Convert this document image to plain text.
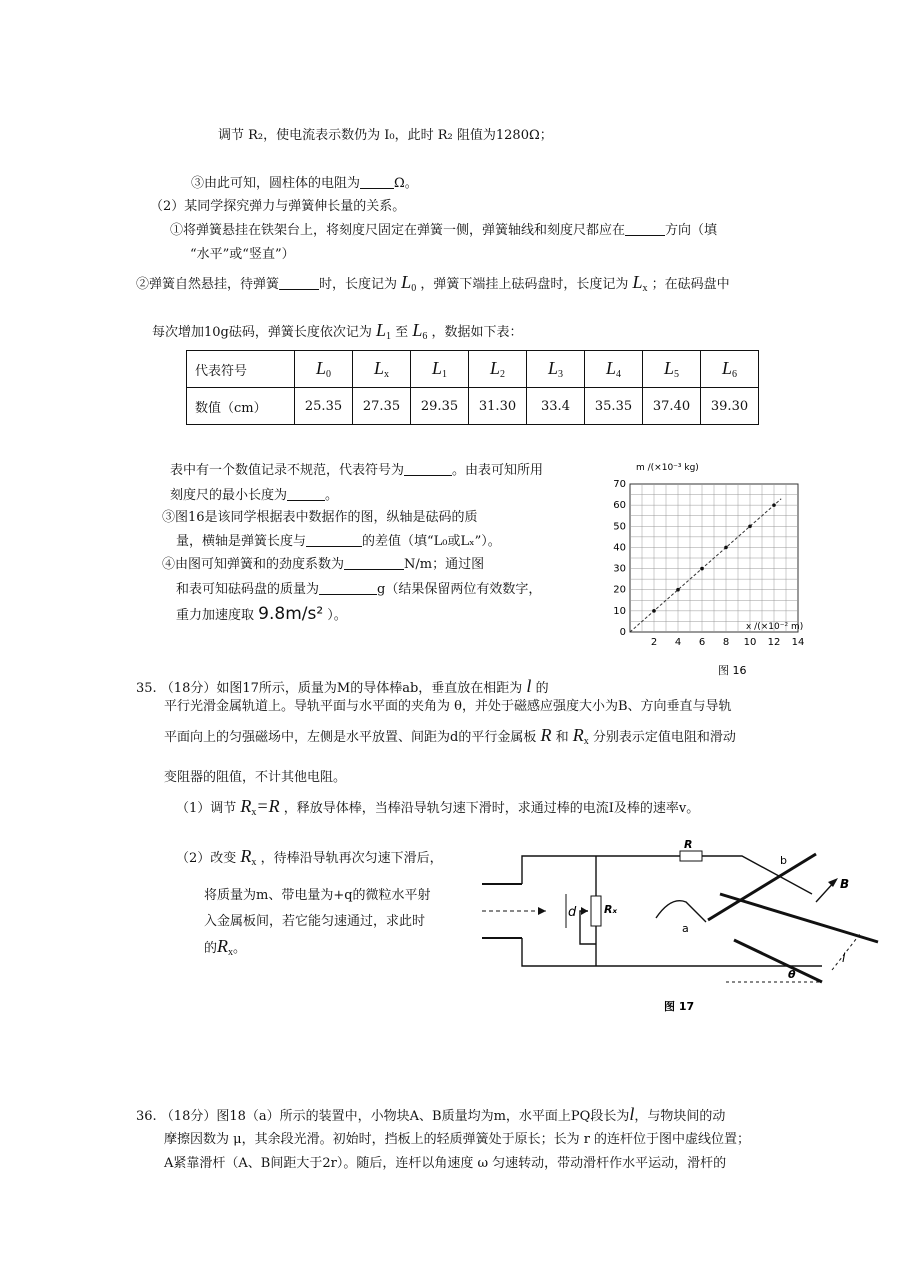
调节 R₂，使电流表示数仍为 I₀，此时 R₂ 阻值为1280Ω；
③由此可知，圆柱体的电阻为	Ω。
（2）某同学探究弹力与弹簧伸长量的关系。
①将弹簧悬挂在铁架台上，将刻度尺固定在弹簧一侧，弹簧轴线和刻度尺都应在	方向（填
“水平”或“竖直”）
②弹簧自然悬挂，待弹簧	时，长度记为 $L_0$ ，弹簧下端挂上砝码盘时，长度记为 $L_x$ ；在砝码盘中
每次增加10g砝码，弹簧长度依次记为 $L_1$ 至 $L_6$ ，数据如下表：
代表符号	$L_0$	$L_x$	$L_1$	$L_2$	$L_3$	$L_4$	$L_5$	$L_6$
数值（cm）	25.35	27.35	29.35	31.30	33.4	35.35	37.40	39.30
表中有一个数值记录不规范，代表符号为	。由表可知所用
刻度尺的最小长度为	。
③图16是该同学根据表中数据作的图，纵轴是砝码的质
量，横轴是弹簧长度与	的差值（填“L₀或Lₓ”）。
④由图可知弹簧和的劲度系数为	N/m；通过图
和表可知砝码盘的质量为	g（结果保留两位有效数字，
重力加速度取 9.8m/s² ）。
m /(×10⁻³ kg)
x /(×10⁻² m)
图 16
70
60
50
40
30
20
10
0
2 4 6 8 10 12 14
35. （18分）如图17所示，质量为M的导体棒ab，垂直放在相距为 l 的
平行光滑金属轨道上。导轨平面与水平面的夹角为 θ，并处于磁感应强度大小为B、方向垂直与导轨
平面向上的匀强磁场中，左侧是水平放置、间距为d的平行金属板 R 和 $R_x$ 分别表示定值电阻和滑动
变阻器的阻值，不计其他电阻。
（1）调节 $R_x=R$ ，释放导体棒，当棒沿导轨匀速下滑时，求通过棒的电流I及棒的速率v。
（2）改变 $R_x$ ，待棒沿导轨再次匀速下滑后，
将质量为m、带电量为+q的微粒水平射
入金属板间，若它能匀速通过，求此时
的$R_x$。
d
R
Rₓ
a
b
B
l
θ
图 17
36. （18分）图18（a）所示的装置中，小物块A、B质量均为m，水平面上PQ段长为l，与物块间的动
摩擦因数为 μ，其余段光滑。初始时，挡板上的轻质弹簧处于原长；长为 r 的连杆位于图中虚线位置；
A紧靠滑杆（A、B间距大于2r）。随后，连杆以角速度 ω 匀速转动，带动滑杆作水平运动，滑杆的
